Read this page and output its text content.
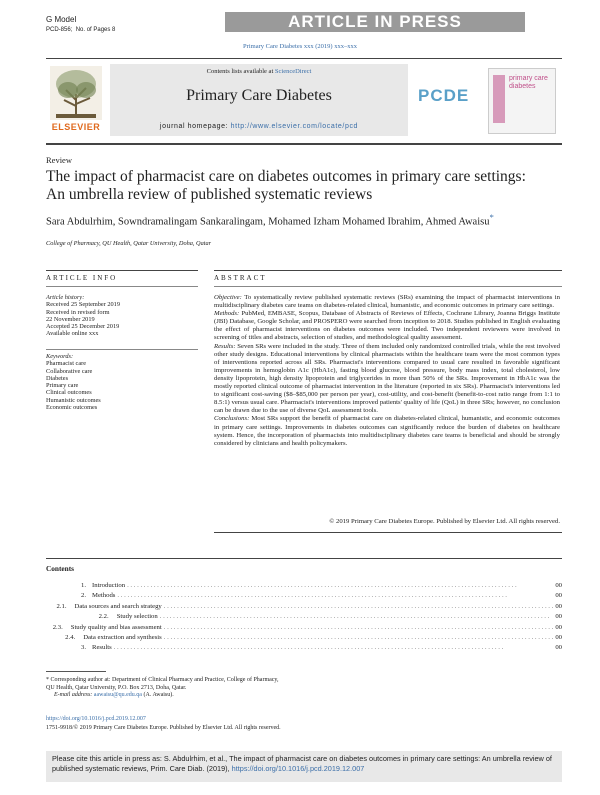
G Model
PCD-856; No. of Pages 8	ARTICLE IN PRESS
Primary Care Diabetes xxx (2019) xxx–xxx
ELSEVIER
Contents lists available at ScienceDirect
Primary Care Diabetes
journal homepage: http://www.elsevier.com/locate/pcd
PCDE
primary care diabetes
Review
The impact of pharmacist care on diabetes outcomes in primary care settings: An umbrella review of published systematic reviews
Sara Abdulrhim, Sowndramalingam Sankaralingam, Mohamed Izham Mohamed Ibrahim, Ahmed Awaisu*
College of Pharmacy, QU Health, Qatar University, Doha, Qatar
ARTICLE INFO
Article history:
Received 25 September 2019
Received in revised form
22 November 2019
Accepted 25 December 2019
Available online xxx
Keywords:
Pharmacist care
Collaborative care
Diabetes
Primary care
Clinical outcomes
Humanistic outcomes
Economic outcomes
ABSTRACT

Objective: To systematically review published systematic reviews (SRs) examining the impact of pharmacist interventions in multidisciplinary diabetes care teams on diabetes-related clinical, humanistic, and economic outcomes in primary care settings.

Methods: PubMed, EMBASE, Scopus, Database of Abstracts of Reviews of Effects, Cochrane Library, Joanna Briggs Institute (JBI) Database, Google Scholar, and PROSPERO were searched from inception to 2018. Studies published in English evaluating the effect of pharmacist interventions on diabetes outcomes were included. Two independent reviewers were involved in screening of titles and abstracts, selection of studies, and methodological quality assessment.

Results: Seven SRs were included in the study. Three of them included only randomized controlled trials, while the rest involved other study designs. Educational interventions by clinical pharmacists within the healthcare team were the most common types of interventions reported across all SRs. Pharmacist's interventions compared to usual care resulted in favorable significant improvements in hemoglobin A1c (HbA1c), fasting blood glucose, blood pressure, body mass index, total cholesterol, low density lipoprotein, high density lipoprotein and triglycerides in more than 50% of the SRs. Improvement in HbA1c was the mostly reported clinical outcome of pharmacist intervention in the literature (reported in six SRs). Pharmacist's interventions led to significant cost-saving ($8–$85,000 per person per year), cost-utility, and cost-benefit (benefit-to-cost ratio range from 1:1 to 8.5:1) versus usual care. Pharmacist's interventions improved patients' quality of life (QoL) in three SRs; however, no conclusion can be drawn due to the use of diverse QoL assessment tools.

Conclusions: Most SRs support the benefit of pharmacist care on diabetes-related clinical, humanistic, and economic outcomes in primary care settings. Improvements in diabetes outcomes can significantly reduce the burden of diabetes on healthcare system. Hence, the incorporation of pharmacists into multidisciplinary diabetes care teams is beneficial and should be strongly considered by clinicians and health policymakers.

© 2019 Primary Care Diabetes Europe. Published by Elsevier Ltd. All rights reserved.
Contents
1. Introduction . . . . . . . . . . . . . . . . . . . . . . . . . . . . . . . . . . . . . . . . . . . . . . . . . . . . . . . . . . . . . . . . . . . . . . . . . . . . . . . . . . . . . . . . . . . . . . . . . . . . . . . . . . . . . . . . . . . . .	00
2. Methods . . . . . . . . . . . . . . . . . . . . . . . . . . . . . . . . . . . . . . . . . . . . . . . . . . . . . . . . . . . . . . . . . . . . . . . . . . . . . . . . . . . . . . . . . . . . . . . . . . . . . . . . . . . . . . . . . . . . .	00
2.1.	Data sources and search strategy . . . . . . . . . . . . . . . . . . . . . . . . . . . . . . . . . . . . . . . . . . . . . . . . . . . . . . . . . . . . . . . . . . . . . . . . . . . . . . . . . . . . . . . . . . . . . . . . . . . . . . . . . . . . . . . . . . . . . 00
2.2.	Study selection . . . . . . . . . . . . . . . . . . . . . . . . . . . . . . . . . . . . . . . . . . . . . . . . . . . . . . . . . . . . . . . . . . . . . . . . . . . . . . . . . . . . . . . . . . . . . . . . . . . . . . . . . . . . . . . . . . . . . 00
2.3.	Study quality and bias assessment . . . . . . . . . . . . . . . . . . . . . . . . . . . . . . . . . . . . . . . . . . . . . . . . . . . . . . . . . . . . . . . . . . . . . . . . . . . . . . . . . . . . . . . . . . . . . . . . . . . . . . . . . . . . . . . . . . . . . 00
2.4.	Data extraction and synthesis . . . . . . . . . . . . . . . . . . . . . . . . . . . . . . . . . . . . . . . . . . . . . . . . . . . . . . . . . . . . . . . . . . . . . . . . . . . . . . . . . . . . . . . . . . . . . . . . . . . . . . . . . . . . . . . . . . . . . 00
3. Results . . . . . . . . . . . . . . . . . . . . . . . . . . . . . . . . . . . . . . . . . . . . . . . . . . . . . . . . . . . . . . . . . . . . . . . . . . . . . . . . . . . . . . . . . . . . . . . . . . . . . . . . . . . . . . . . . . . . .	00
* Corresponding author at: Department of Clinical Pharmacy and Practice, College of Pharmacy, QU Health, Qatar University, P.O. Box 2713, Doha, Qatar.
E-mail address: aawaisu@qu.edu.qa (A. Awaisu).
https://doi.org/10.1016/j.pcd.2019.12.007
1751-9918/© 2019 Primary Care Diabetes Europe. Published by Elsevier Ltd. All rights reserved.
Please cite this article in press as: S. Abdulrhim, et al., The impact of pharmacist care on diabetes outcomes in primary care settings: An umbrella review of published systematic reviews, Prim. Care Diab. (2019), https://doi.org/10.1016/j.pcd.2019.12.007
